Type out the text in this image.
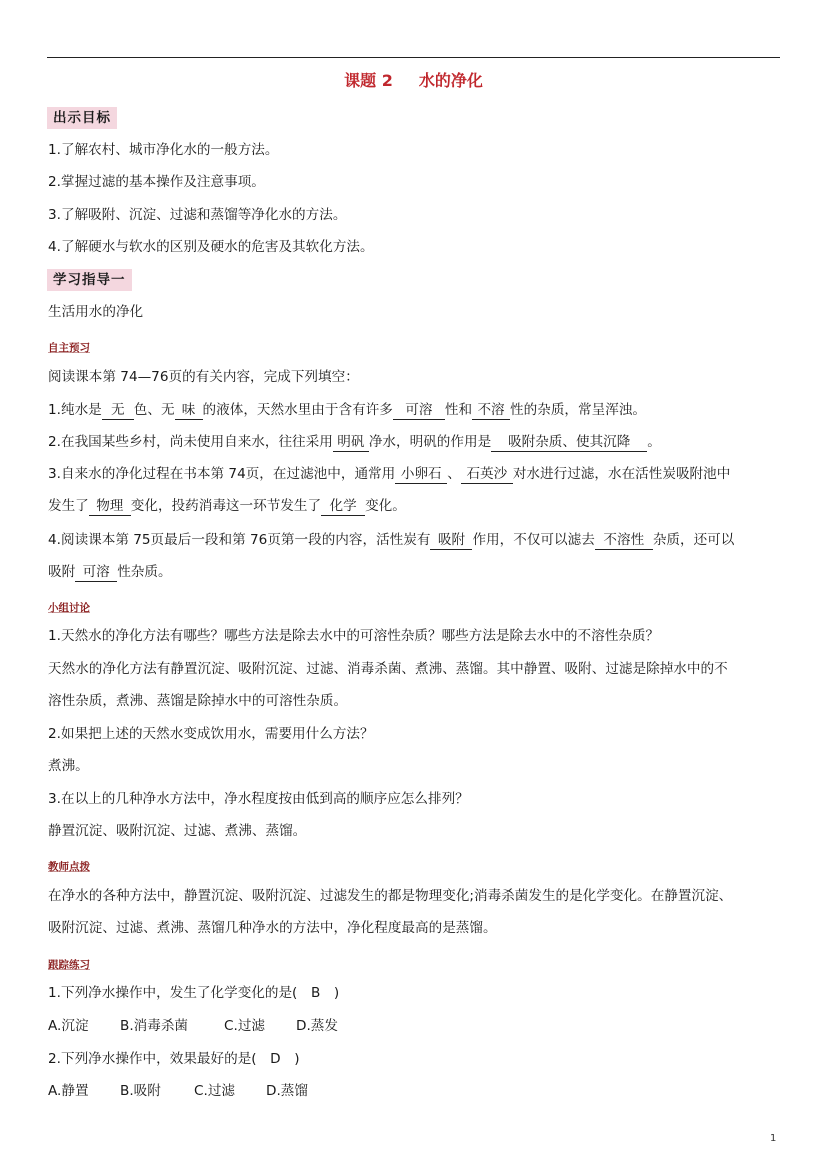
课题 2 水的净化
出示目标
1.了解农村、城市净化水的一般方法。
2.掌握过滤的基本操作及注意事项。
3.了解吸附、沉淀、过滤和蒸馏等净化水的方法。
4.了解硬水与软水的区别及硬水的危害及其软化方法。
学习指导一
生活用水的净化
自主预习
阅读课本第 74—76页的有关内容，完成下列填空：
1.纯水是 无 色、无 味 的液体，天然水里由于含有许多 可溶 性和 不溶 性的杂质，常呈浑浊。
2.在我国某些乡村，尚未使用自来水，往往采用 明矾 净水，明矾的作用是 吸附杂质、使其沉降 。
3.自来水的净化过程在书本第 74页，在过滤池中，通常用 小卵石 、 石英沙 对水进行过滤，水在活性炭吸附池中
发生了 物理 变化，投药消毒这一环节发生了 化学 变化。
4.阅读课本第 75页最后一段和第 76页第一段的内容，活性炭有 吸附 作用，不仅可以滤去 不溶性 杂质，还可以
吸附 可溶 性杂质。
小组讨论
1.天然水的净化方法有哪些？哪些方法是除去水中的可溶性杂质？哪些方法是除去水中的不溶性杂质？
天然水的净化方法有静置沉淀、吸附沉淀、过滤、消毒杀菌、煮沸、蒸馏。其中静置、吸附、过滤是除掉水中的不
溶性杂质，煮沸、蒸馏是除掉水中的可溶性杂质。
2.如果把上述的天然水变成饮用水，需要用什么方法？
煮沸。
3.在以上的几种净水方法中，净水程度按由低到高的顺序应怎么排列？
静置沉淀、吸附沉淀、过滤、煮沸、蒸馏。
教师点拨
在净水的各种方法中，静置沉淀、吸附沉淀、过滤发生的都是物理变化;消毒杀菌发生的是化学变化。在静置沉淀、
吸附沉淀、过滤、煮沸、蒸馏几种净水的方法中，净化程度最高的是蒸馏。
跟踪练习
1.下列净水操作中，发生了化学变化的是(　B　)
A.沉淀 B.消毒杀菌	C.过滤 D.蒸发
2.下列净水操作中，效果最好的是(　D　)
A.静置 B.吸附 C.过滤 D.蒸馏
1
